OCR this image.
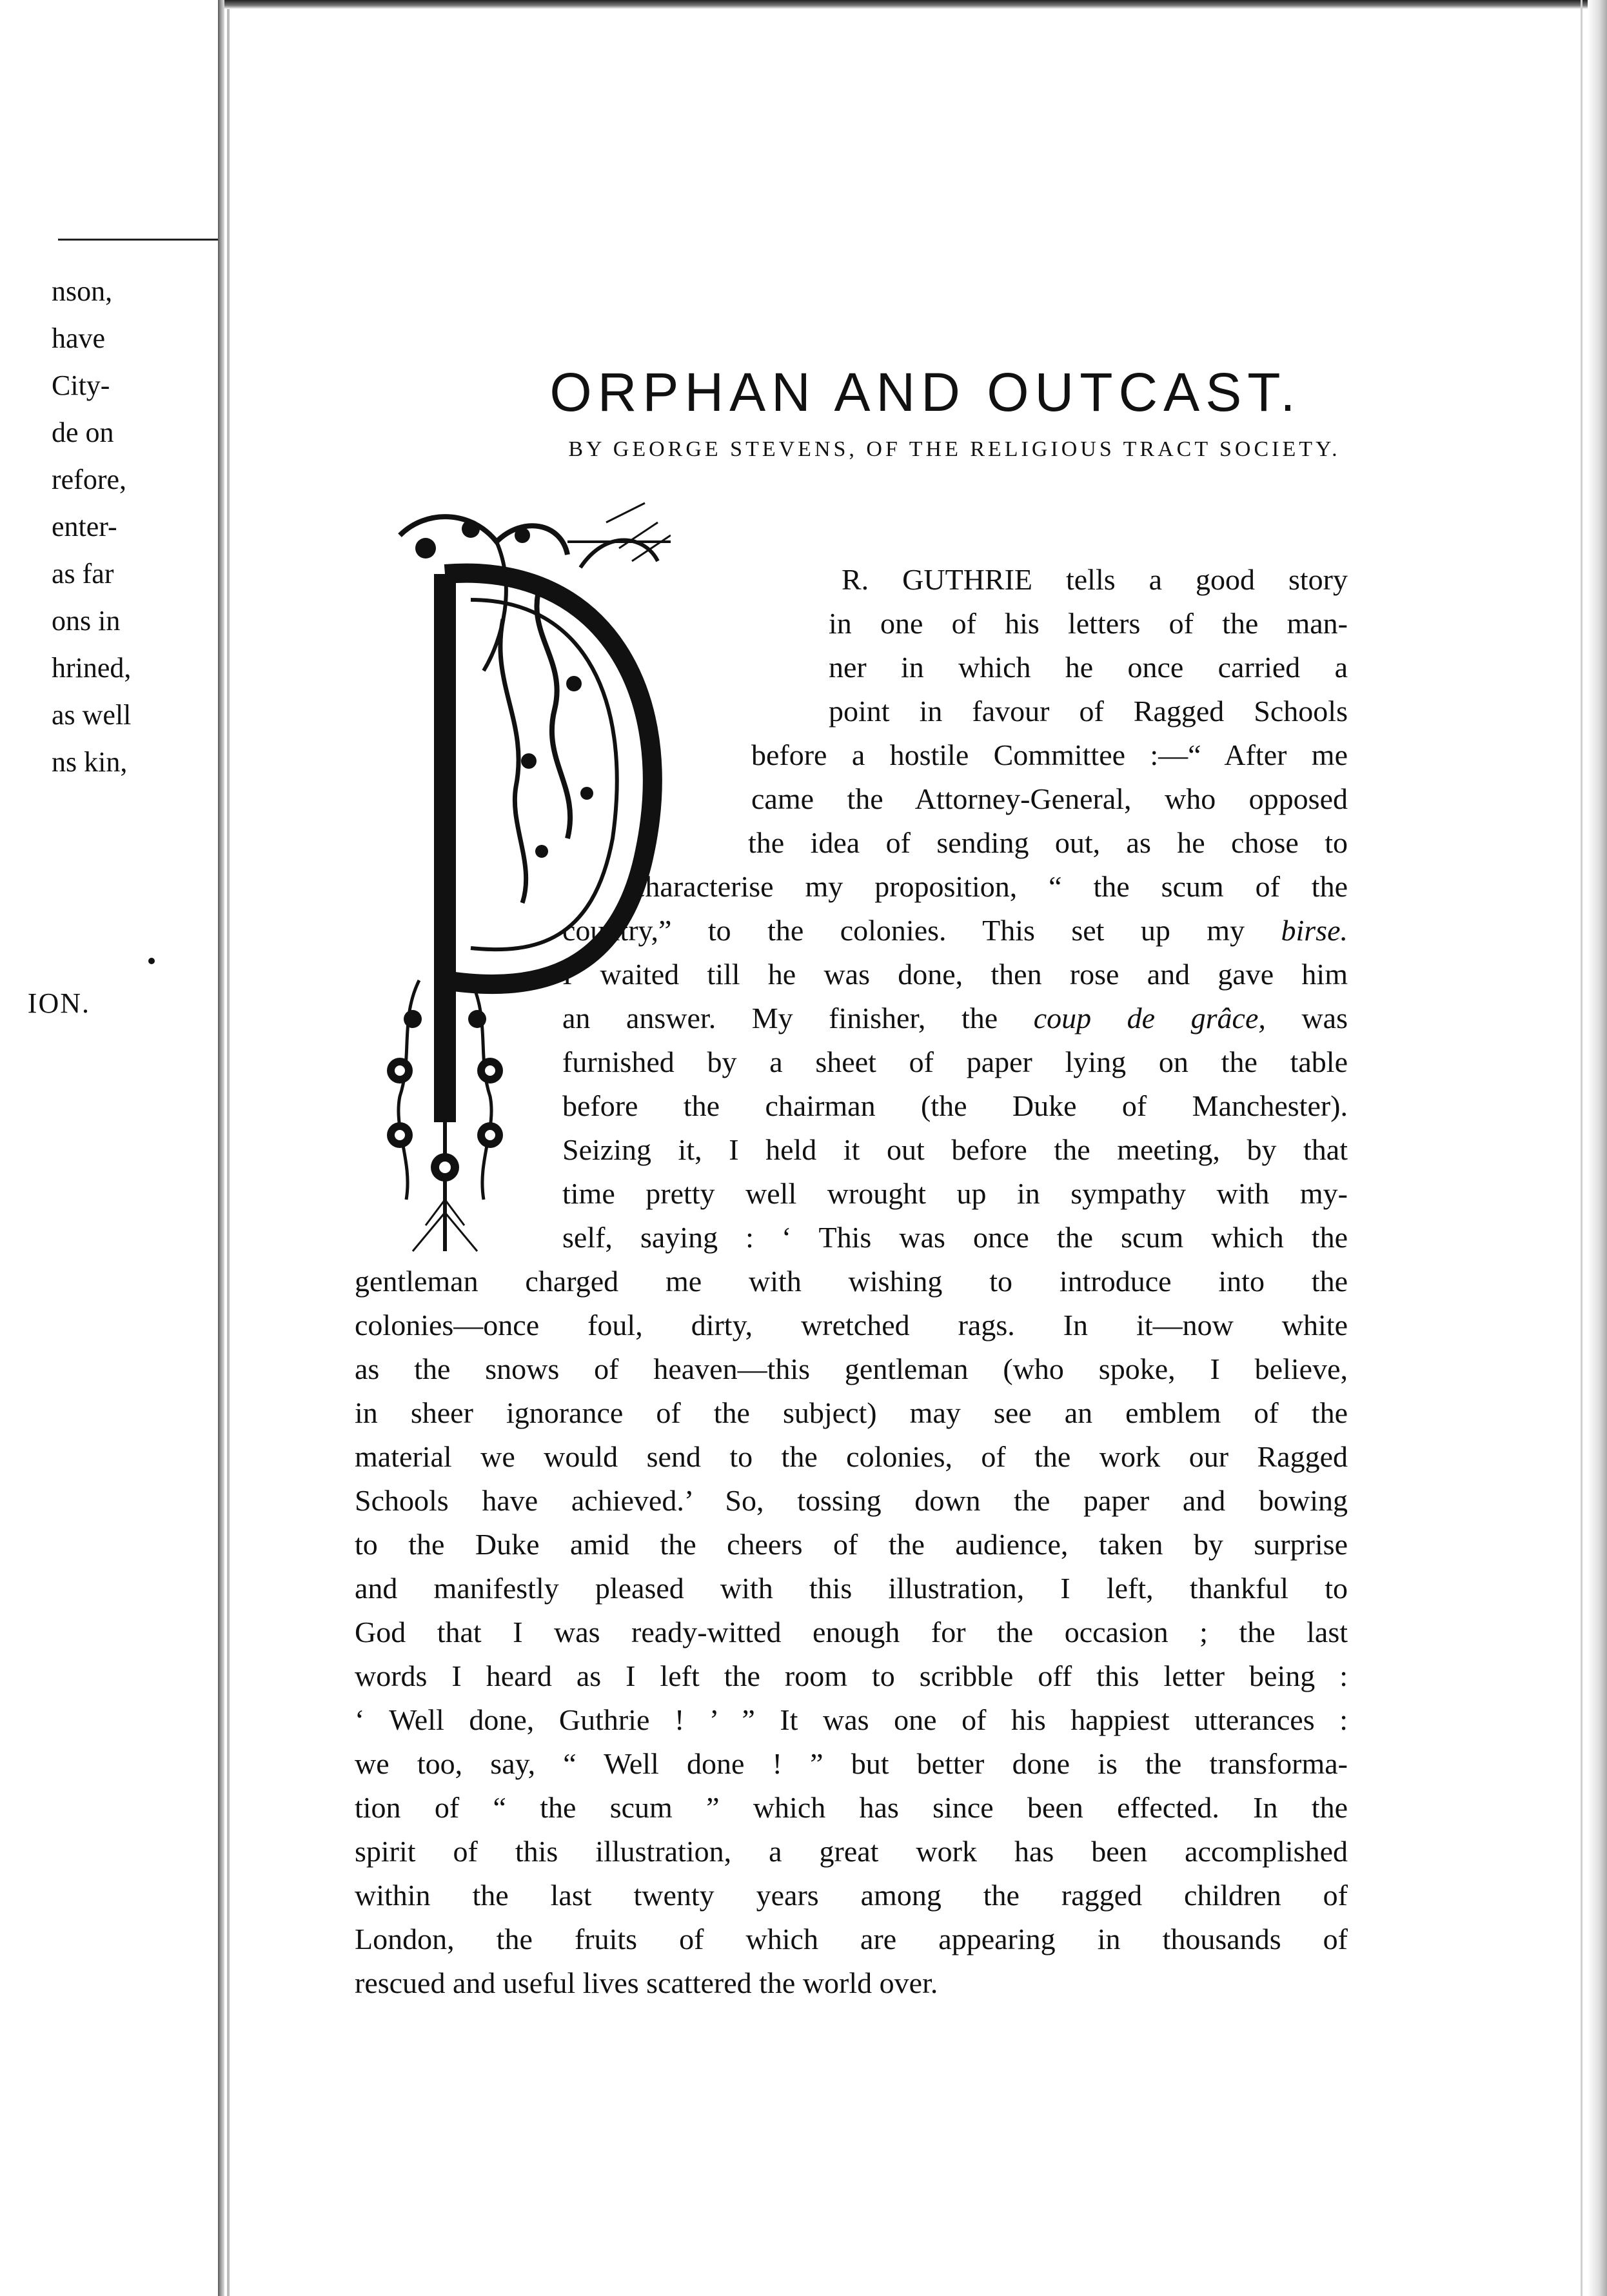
nson,
have
City-
de on
refore,
enter-
as far
ons in
hrined,
as well
ns kin,
ION.
ORPHAN AND OUTCAST.
BY GEORGE STEVENS, OF THE RELIGIOUS TRACT SOCIETY.
R. GUTHRIE tells a good story
in one of his letters of the man-
ner in which he once carried a
point in favour of Ragged Schools
before a hostile Committee :—“ After me
came the Attorney-General, who opposed
the idea of sending out, as he chose to
characterise my proposition, “ the scum of the
country,” to the colonies. This set up my birse.
I waited till he was done, then rose and gave him
an answer. My finisher, the coup de grâce, was
furnished by a sheet of paper lying on the table
before the chairman (the Duke of Manchester).
Seizing it, I held it out before the meeting, by that
time pretty well wrought up in sympathy with my-
self, saying : ‘ This was once the scum which the
gentleman charged me with wishing to introduce into the
colonies—once foul, dirty, wretched rags. In it—now white
as the snows of heaven—this gentleman (who spoke, I believe,
in sheer ignorance of the subject) may see an emblem of the
material we would send to the colonies, of the work our Ragged
Schools have achieved.’ So, tossing down the paper and bowing
to the Duke amid the cheers of the audience, taken by surprise
and manifestly pleased with this illustration, I left, thankful to
God that I was ready-witted enough for the occasion ; the last
words I heard as I left the room to scribble off this letter being :
‘ Well done, Guthrie ! ’ ” It was one of his happiest utterances :
we too, say, “ Well done ! ” but better done is the transforma-
tion of “ the scum ” which has since been effected. In the
spirit of this illustration, a great work has been accomplished
within the last twenty years among the ragged children of
London, the fruits of which are appearing in thousands of
rescued and useful lives scattered the world over.
